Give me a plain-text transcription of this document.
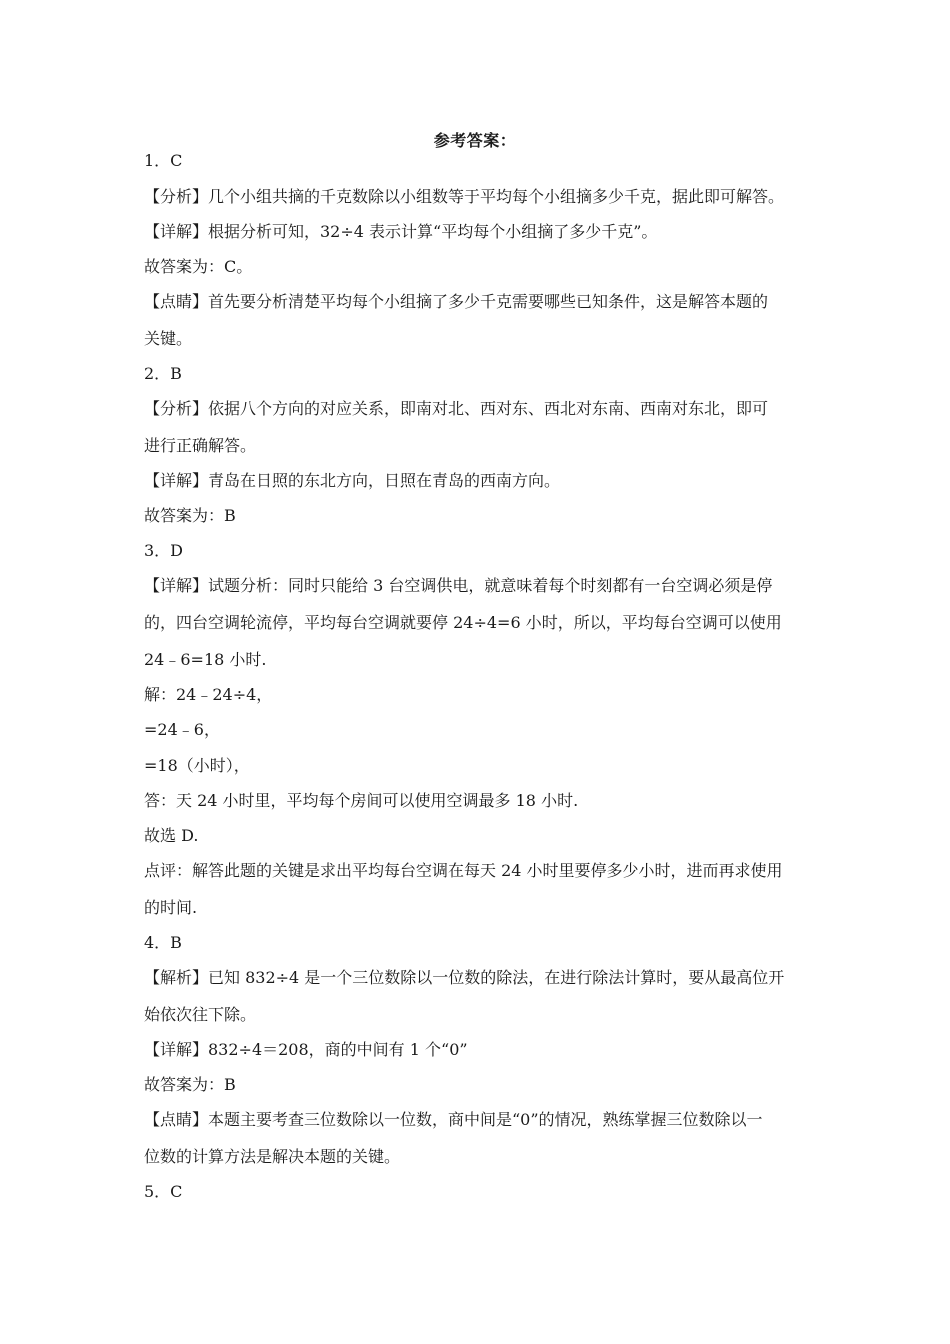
参考答案：
1．C
【分析】几个小组共摘的千克数除以小组数等于平均每个小组摘多少千克，据此即可解答。
【详解】根据分析可知，32÷4 表示计算“平均每个小组摘了多少千克”。
故答案为：C。
【点睛】首先要分析清楚平均每个小组摘了多少千克需要哪些已知条件，这是解答本题的
关键。
2．B
【分析】依据八个方向的对应关系，即南对北、西对东、西北对东南、西南对东北，即可
进行正确解答。
【详解】青岛在日照的东北方向，日照在青岛的西南方向。
故答案为：B
3．D
【详解】试题分析：同时只能给 3 台空调供电，就意味着每个时刻都有一台空调必须是停
的，四台空调轮流停，平均每台空调就要停 24÷4=6 小时，所以，平均每台空调可以使用
24﹣6=18 小时.
解：24﹣24÷4，
=24﹣6，
=18（小时），
答：天 24 小时里，平均每个房间可以使用空调最多 18 小时.
故选 D.
点评：解答此题的关键是求出平均每台空调在每天 24 小时里要停多少小时，进而再求使用
的时间.
4．B
【解析】已知 832÷4 是一个三位数除以一位数的除法，在进行除法计算时，要从最高位开
始依次往下除。
【详解】832÷4＝208，商的中间有 1 个“0”
故答案为：B
【点睛】本题主要考查三位数除以一位数，商中间是“0”的情况，熟练掌握三位数除以一
位数的计算方法是解决本题的关键。
5．C
